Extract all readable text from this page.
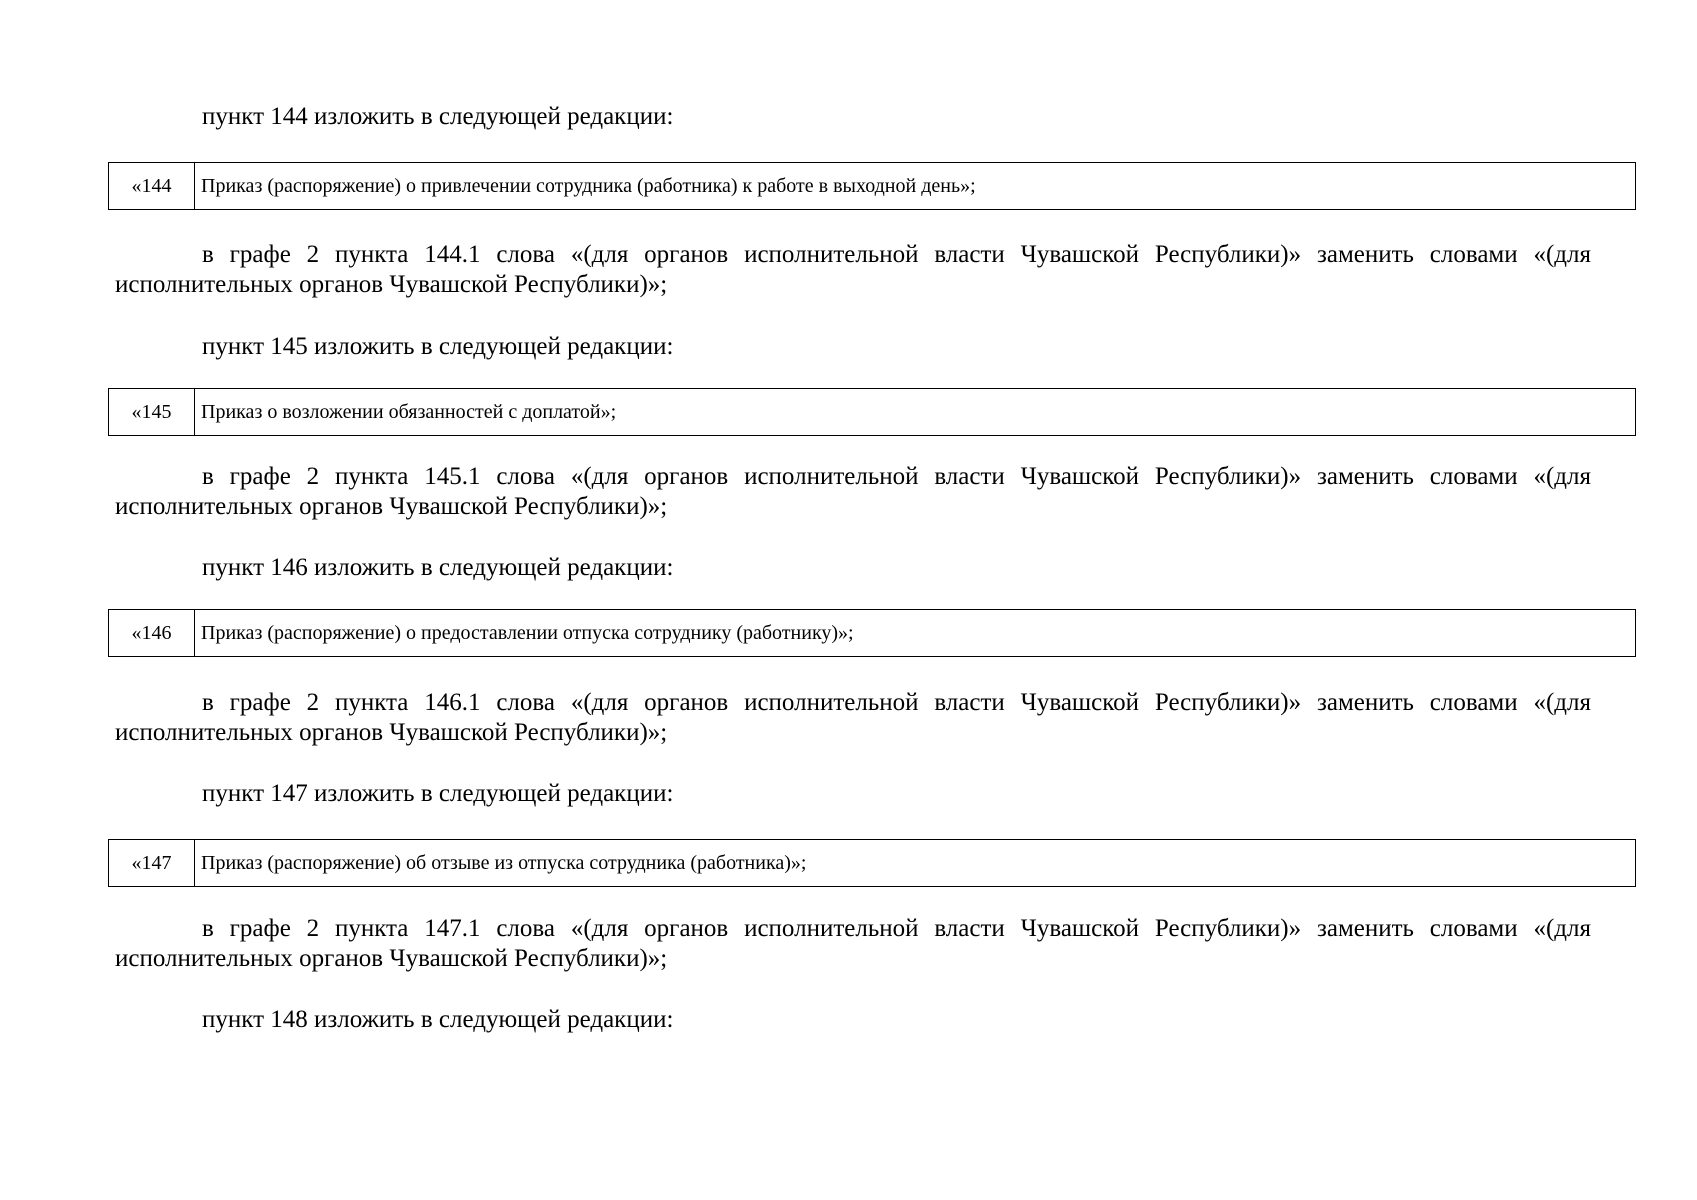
пункт 144 изложить в следующей редакции:

«144	Приказ (распоряжение) о привлечении сотрудника (работника) к работе в выходной день»;

в графе 2 пункта 144.1 слова «(для органов исполнительной власти Чувашской Республики)» заменить словами «(для исполнительных органов Чувашской Республики)»;

пункт 145 изложить в следующей редакции:

«145	Приказ о возложении обязанностей с доплатой»;

в графе 2 пункта 145.1 слова «(для органов исполнительной власти Чувашской Республики)» заменить словами «(для исполнительных органов Чувашской Республики)»;

пункт 146 изложить в следующей редакции:

«146	Приказ (распоряжение) о предоставлении отпуска сотруднику (работнику)»;

в графе 2 пункта 146.1 слова «(для органов исполнительной власти Чувашской Республики)» заменить словами «(для исполнительных органов Чувашской Республики)»;

пункт 147 изложить в следующей редакции:

«147	Приказ (распоряжение) об отзыве из отпуска сотрудника (работника)»;

в графе 2 пункта 147.1 слова «(для органов исполнительной власти Чувашской Республики)» заменить словами «(для исполнительных органов Чувашской Республики)»;

пункт 148 изложить в следующей редакции:
